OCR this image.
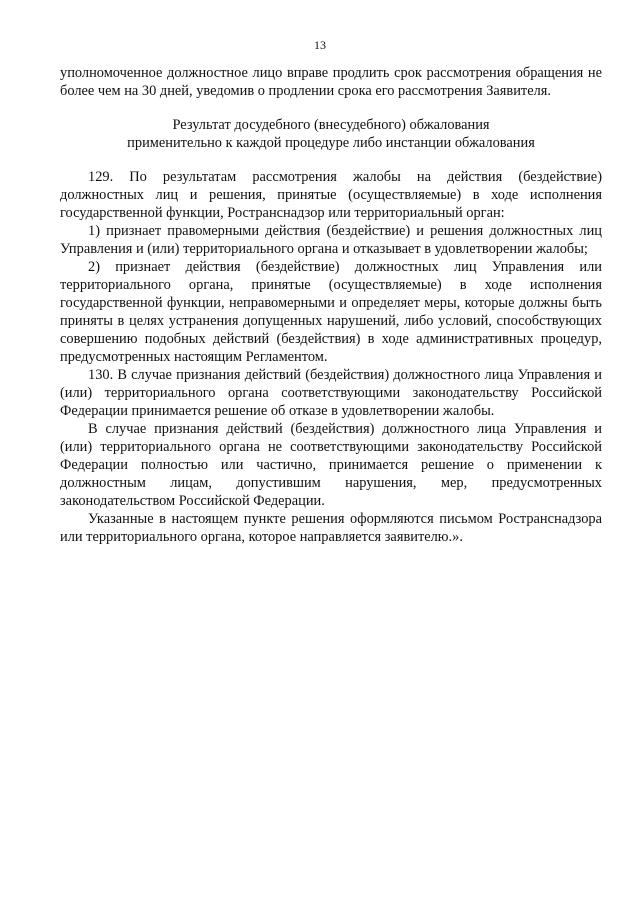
13

уполномоченное должностное лицо вправе продлить срок рассмотрения обращения не более чем на 30 дней, уведомив о продлении срока его рассмотрения Заявителя.

Результат досудебного (внесудебного) обжалования
применительно к каждой процедуре либо инстанции обжалования

129. По результатам рассмотрения жалобы на действия (бездействие) должностных лиц и решения, принятые (осуществляемые) в ходе исполнения государственной функции, Ространснадзор или территориальный орган:

1) признает правомерными действия (бездействие) и решения должностных лиц Управления и (или) территориального органа и отказывает в удовлетворении жалобы;

2) признает действия (бездействие) должностных лиц Управления или территориального органа, принятые (осуществляемые) в ходе исполнения государственной функции, неправомерными и определяет меры, которые должны быть приняты в целях устранения допущенных нарушений, либо условий, способствующих совершению подобных действий (бездействия) в ходе административных процедур, предусмотренных настоящим Регламентом.

130. В случае признания действий (бездействия) должностного лица Управления и (или) территориального органа соответствующими законодательству Российской Федерации принимается решение об отказе в удовлетворении жалобы.

В случае признания действий (бездействия) должностного лица Управления и (или) территориального органа не соответствующими законодательству Российской Федерации полностью или частично, принимается решение о применении к должностным лицам, допустившим нарушения, мер, предусмотренных законодательством Российской Федерации.

Указанные в настоящем пункте решения оформляются письмом Ространснадзора или территориального органа, которое направляется заявителю.».
